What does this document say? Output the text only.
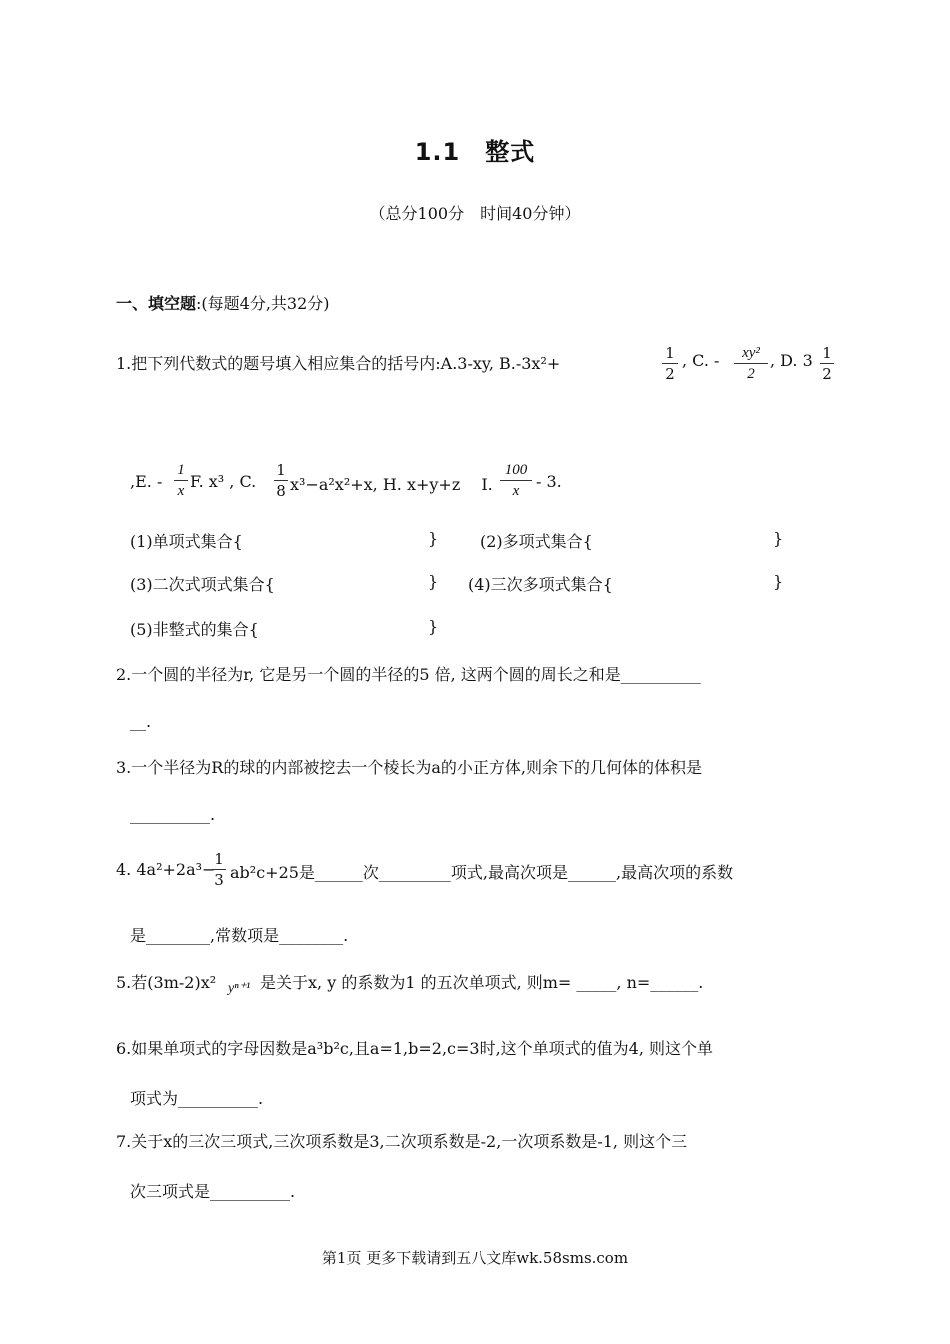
1.1　整式
（总分100分　时间40分钟）
一、填空题:(每题4分,共32分)
1.把下列代数式的题号填入相应集合的括号内:A.3-xy, B.-3x²+
1
2
, C. -	xy²
2
, D. 3 1
2
,E. -
1
x F. x³ , C.
1
8 x³−a²x²+x, H. x+y+z　 I.
100
x	- 3.
(1)单项式集合{	}	(2)多项式集合{	}
(3)二次式项式集合{	} (4)三次多项式集合{	}
(5)非整式的集合{	}
2.一个圆的半径为r, 它是另一个圆的半径的5 倍, 这两个圆的周长之和是__________
__.
3.一个半径为R的球的内部被挖去一个棱长为a的小正方体,则余下的几何体的体积是
__________.
4. 4a²+2a³−
1
3 ab²c+25是______次_________项式,最高次项是______,最高次项的系数
是________,常数项是________.
5.若(3m-2)x² yⁿ⁺¹ 是关于x, y 的系数为1 的五次单项式, 则m= _____, n=______.
6.如果单项式的字母因数是a³b²c,且a=1,b=2,c=3时,这个单项式的值为4, 则这个单
项式为__________.
7.关于x的三次三项式,三次项系数是3,二次项系数是-2,一次项系数是-1, 则这个三
次三项式是__________.
第1页 更多下载请到五八文库wk.58sms.com
